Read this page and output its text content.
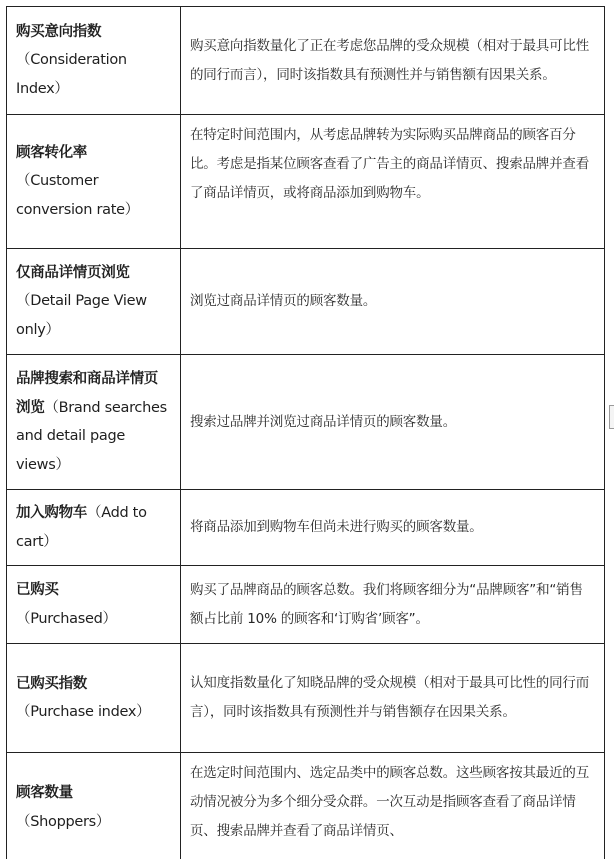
购买意向指数
（Consideration Index）	购买意向指数量化了正在考虑您品牌的受众规模（相对于最具可比性的同行而言），同时该指数具有预测性并与销售额有因果关系。
顾客转化率
（Customer conversion rate）	在特定时间范围内，从考虑品牌转为实际购买品牌商品的顾客百分比。考虑是指某位顾客查看了广告主的商品详情页、搜索品牌并查看了商品详情页，或将商品添加到购物车。
仅商品详情页浏览
（Detail Page View only）	浏览过商品详情页的顾客数量。
品牌搜索和商品详情页浏览（Brand searches and detail page views）	搜索过品牌并浏览过商品详情页的顾客数量。
加入购物车（Add to cart）	将商品添加到购物车但尚未进行购买的顾客数量。
已购买
（Purchased）	购买了品牌商品的顾客总数。我们将顾客细分为“品牌顾客”和“销售额占比前 10% 的顾客和‘订购省’顾客”。
已购买指数
（Purchase index）	认知度指数量化了知晓品牌的受众规模（相对于最具可比性的同行而言），同时该指数具有预测性并与销售额存在因果关系。
顾客数量
（Shoppers）	在选定时间范围内、选定品类中的顾客总数。这些顾客按其最近的互动情况被分为多个细分受众群。一次互动是指顾客查看了商品详情页、搜索品牌并查看了商品详情页、
